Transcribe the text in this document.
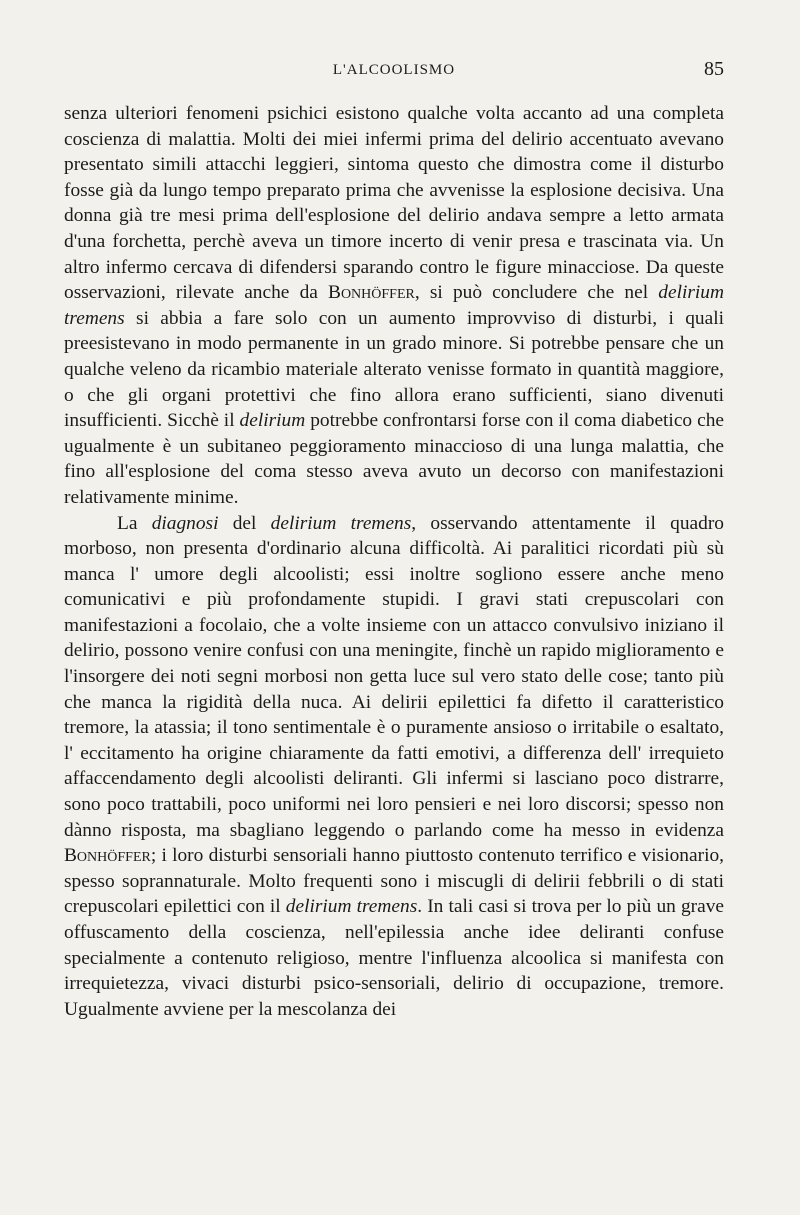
L'ALCOOLISMO	85

senza ulteriori fenomeni psichici esistono qualche volta accanto ad una completa coscienza di malattia. Molti dei miei infermi prima del delirio accentuato avevano presentato simili attacchi leggieri, sintoma questo che dimostra come il disturbo fosse già da lungo tempo preparato prima che avvenisse la esplosione decisiva. Una donna già tre mesi prima dell'esplosione del delirio andava sempre a letto armata d'una forchetta, perchè aveva un timore incerto di venir presa e trascinata via. Un altro infermo cercava di difendersi sparando contro le figure minacciose. Da queste osservazioni, rilevate anche da Bonhöffer, si può concludere che nel delirium tremens si abbia a fare solo con un aumento improvviso di disturbi, i quali preesistevano in modo permanente in un grado minore. Si potrebbe pensare che un qualche veleno da ricambio materiale alterato venisse formato in quantità maggiore, o che gli organi protettivi che fino allora erano sufficienti, siano divenuti insufficienti. Sicchè il delirium potrebbe confrontarsi forse con il coma diabetico che ugualmente è un subitaneo peggioramento minaccioso di una lunga malattia, che fino all'esplosione del coma stesso aveva avuto un decorso con manifestazioni relativamente minime.

La diagnosi del delirium tremens, osservando attentamente il quadro morboso, non presenta d'ordinario alcuna difficoltà. Ai paralitici ricordati più sù manca l' umore degli alcoolisti; essi inoltre sogliono essere anche meno comunicativi e più profondamente stupidi. I gravi stati crepuscolari con manifestazioni a focolaio, che a volte insieme con un attacco convulsivo iniziano il delirio, possono venire confusi con una meningite, finchè un rapido miglioramento e l'insorgere dei noti segni morbosi non getta luce sul vero stato delle cose; tanto più che manca la rigidità della nuca. Ai delirii epilettici fa difetto il caratteristico tremore, la atassia; il tono sentimentale è o puramente ansioso o irritabile o esaltato, l' eccitamento ha origine chiaramente da fatti emotivi, a differenza dell' irrequieto affaccendamento degli alcoolisti deliranti. Gli infermi si lasciano poco distrarre, sono poco trattabili, poco uniformi nei loro pensieri e nei loro discorsi; spesso non dànno risposta, ma sbagliano leggendo o parlando come ha messo in evidenza Bonhöffer; i loro disturbi sensoriali hanno piuttosto contenuto terrifico e visionario, spesso soprannaturale. Molto frequenti sono i miscugli di delirii febbrili o di stati crepuscolari epilettici con il delirium tremens. In tali casi si trova per lo più un grave offuscamento della coscienza, nell'epilessia anche idee deliranti confuse specialmente a contenuto religioso, mentre l'influenza alcoolica si manifesta con irrequietezza, vivaci disturbi psico-sensoriali, delirio di occupazione, tremore. Ugualmente avviene per la mescolanza dei
